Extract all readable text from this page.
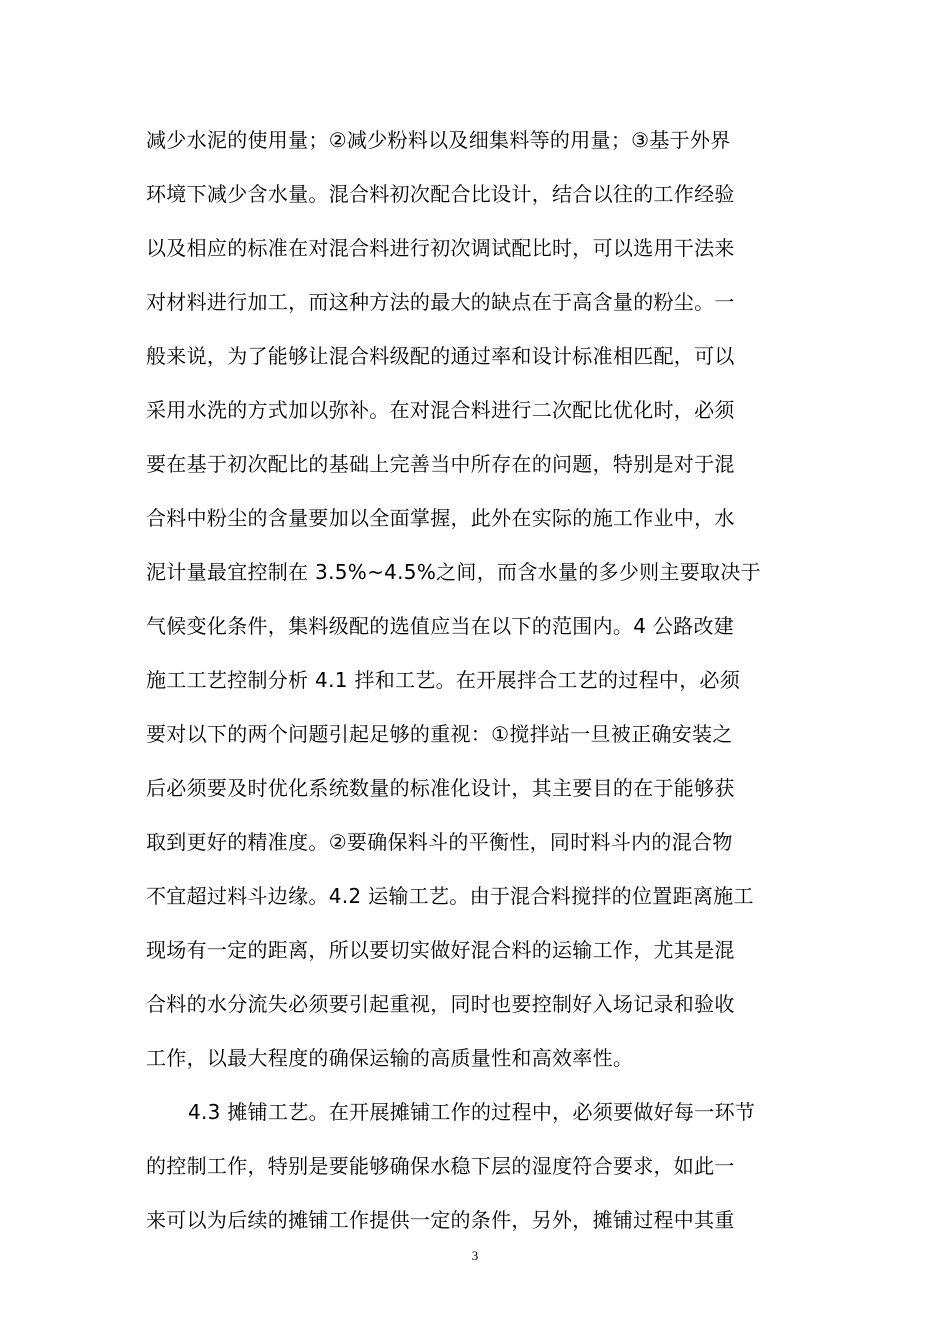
减少水泥的使用量；②减少粉料以及细集料等的用量；③基于外界
环境下减少含水量。混合料初次配合比设计，结合以往的工作经验
以及相应的标准在对混合料进行初次调试配比时，可以选用干法来
对材料进行加工，而这种方法的最大的缺点在于高含量的粉尘。一
般来说，为了能够让混合料级配的通过率和设计标准相匹配，可以
采用水洗的方式加以弥补。在对混合料进行二次配比优化时，必须
要在基于初次配比的基础上完善当中所存在的问题，特别是对于混
合料中粉尘的含量要加以全面掌握，此外在实际的施工作业中，水
泥计量最宜控制在 3.5%~4.5%之间，而含水量的多少则主要取决于
气候变化条件，集料级配的选值应当在以下的范围内。4 公路改建
施工工艺控制分析 4.1 拌和工艺。在开展拌合工艺的过程中，必须
要对以下的两个问题引起足够的重视：①搅拌站一旦被正确安装之
后必须要及时优化系统数量的标准化设计，其主要目的在于能够获
取到更好的精准度。②要确保料斗的平衡性，同时料斗内的混合物
不宜超过料斗边缘。4.2 运输工艺。由于混合料搅拌的位置距离施工
现场有一定的距离，所以要切实做好混合料的运输工作，尤其是混
合料的水分流失必须要引起重视，同时也要控制好入场记录和验收
工作，以最大程度的确保运输的高质量性和高效率性。
4.3 摊铺工艺。在开展摊铺工作的过程中，必须要做好每一环节
的控制工作，特别是要能够确保水稳下层的湿度符合要求，如此一
来可以为后续的摊铺工作提供一定的条件，另外，摊铺过程中其重
3
